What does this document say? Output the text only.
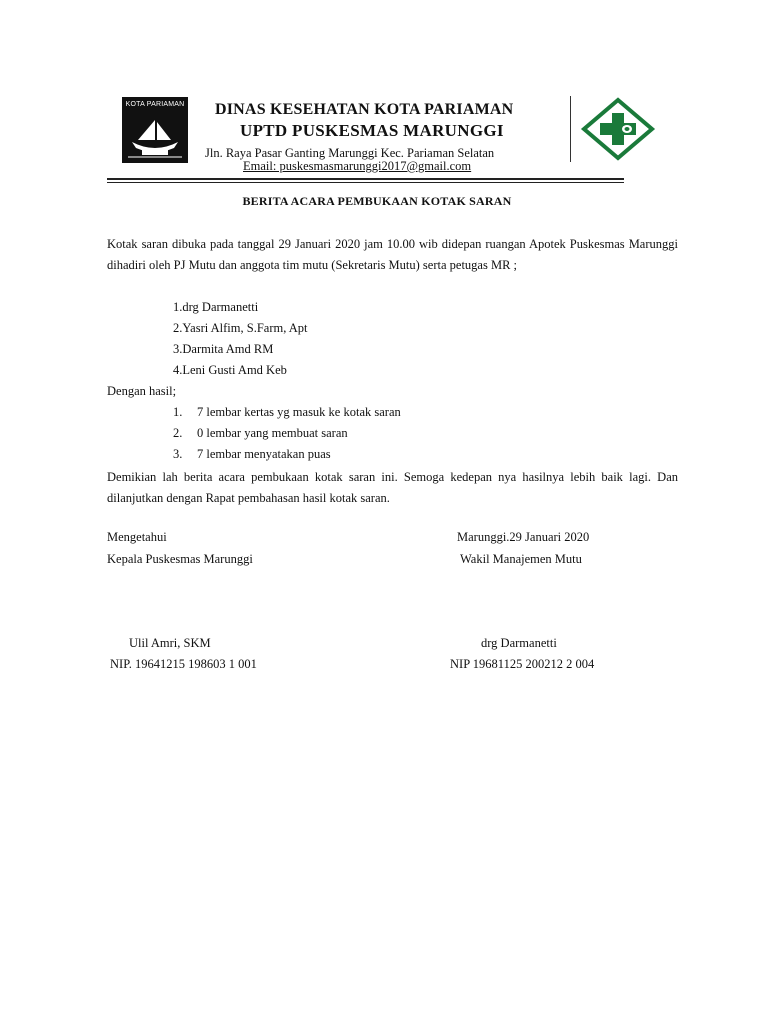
KOTA PARIAMAN DINAS KESEHATAN KOTA PARIAMAN
UPTD PUSKESMAS MARUNGGI
Jln. Raya Pasar Ganting Marunggi Kec. Pariaman Selatan
Email: puskesmasmarunggi2017@gmail.com
BERITA ACARA PEMBUKAAN KOTAK SARAN
Kotak saran dibuka pada tanggal 29 Januari 2020 jam 10.00 wib didepan ruangan Apotek Puskesmas Marunggi dihadiri oleh PJ Mutu dan anggota tim mutu (Sekretaris Mutu) serta petugas MR ;
1.drg Darmanetti
2.Yasri Alfim, S.Farm, Apt
3.Darmita Amd RM
4.Leni Gusti Amd Keb
Dengan hasil;
1. 7 lembar kertas yg masuk ke kotak saran
2. 0 lembar yang membuat saran
3. 7 lembar menyatakan puas
Demikian lah berita acara pembukaan kotak saran ini. Semoga kedepan nya hasilnya lebih baik lagi. Dan dilanjutkan dengan Rapat pembahasan hasil kotak saran.
Mengetahui
Kepala Puskesmas Marunggi
Marunggi.29 Januari 2020
Wakil Manajemen Mutu
Ulil Amri, SKM
NIP. 19641215 198603 1 001
drg Darmanetti
NIP 19681125 200212 2 004
